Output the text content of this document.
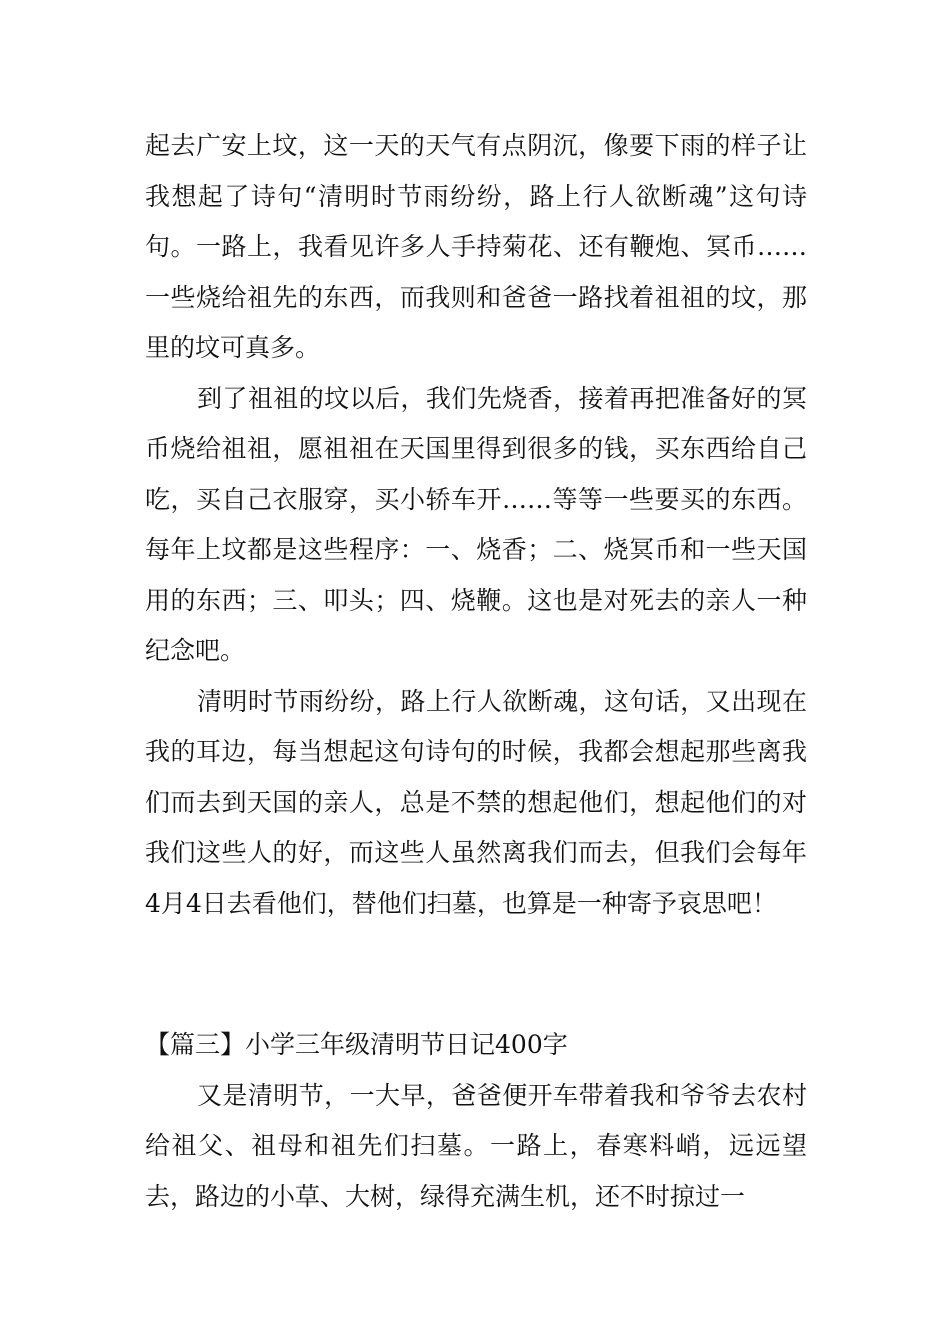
起去广安上坟，这一天的天气有点阴沉，像要下雨的样子让我想起了诗句“清明时节雨纷纷，路上行人欲断魂”这句诗句。一路上，我看见许多人手持菊花、还有鞭炮、冥币……一些烧给祖先的东西，而我则和爸爸一路找着祖祖的坟，那里的坟可真多。

到了祖祖的坟以后，我们先烧香，接着再把准备好的冥币烧给祖祖，愿祖祖在天国里得到很多的钱，买东西给自己吃，买自己衣服穿，买小轿车开……等等一些要买的东西。每年上坟都是这些程序：一、烧香；二、烧冥币和一些天国用的东西；三、叩头；四、烧鞭。这也是对死去的亲人一种纪念吧。

清明时节雨纷纷，路上行人欲断魂，这句话，又出现在我的耳边，每当想起这句诗句的时候，我都会想起那些离我们而去到天国的亲人，总是不禁的想起他们，想起他们的对我们这些人的好，而这些人虽然离我们而去，但我们会每年4月4日去看他们，替他们扫墓，也算是一种寄予哀思吧！

【篇三】小学三年级清明节日记400字

又是清明节，一大早，爸爸便开车带着我和爷爷去农村给祖父、祖母和祖先们扫墓。一路上，春寒料峭，远远望去，路边的小草、大树，绿得充满生机，还不时掠过一
